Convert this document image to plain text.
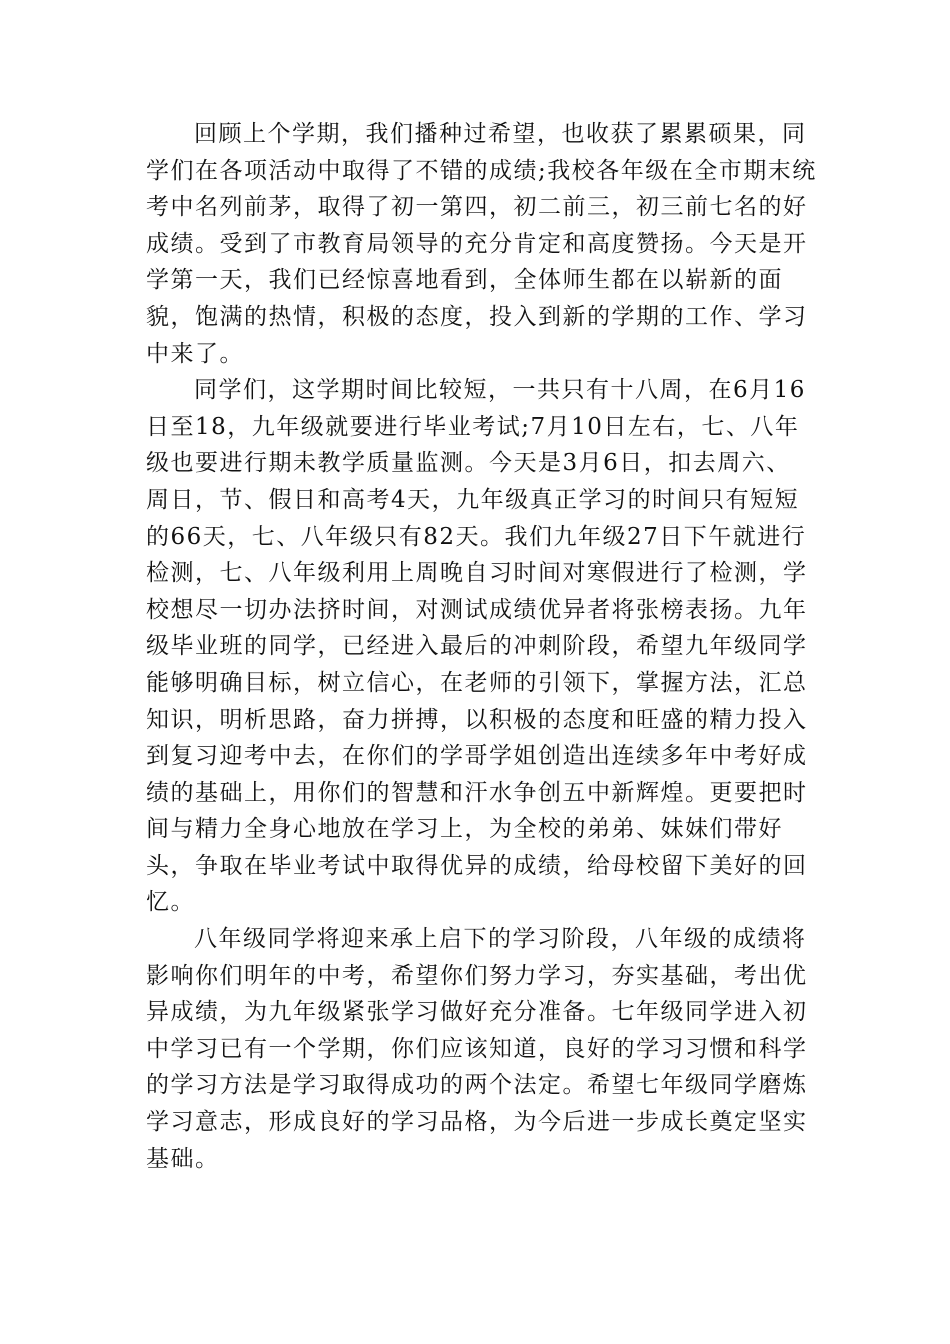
回顾上个学期，我们播种过希望，也收获了累累硕果，同
学们在各项活动中取得了不错的成绩;我校各年级在全市期末统
考中名列前茅，取得了初一第四，初二前三，初三前七名的好
成绩。受到了市教育局领导的充分肯定和高度赞扬。今天是开
学第一天，我们已经惊喜地看到，全体师生都在以崭新的面
貌，饱满的热情，积极的态度，投入到新的学期的工作、学习
中来了。

同学们，这学期时间比较短，一共只有十八周，在6月16
日至18，九年级就要进行毕业考试;7月10日左右，七、八年
级也要进行期未教学质量监测。今天是3月6日，扣去周六、
周日，节、假日和高考4天，九年级真正学习的时间只有短短
的66天，七、八年级只有82天。我们九年级27日下午就进行
检测，七、八年级利用上周晚自习时间对寒假进行了检测，学
校想尽一切办法挤时间，对测试成绩优异者将张榜表扬。九年
级毕业班的同学，已经进入最后的冲刺阶段，希望九年级同学
能够明确目标，树立信心，在老师的引领下，掌握方法，汇总
知识，明析思路，奋力拼搏，以积极的态度和旺盛的精力投入
到复习迎考中去，在你们的学哥学姐创造出连续多年中考好成
绩的基础上，用你们的智慧和汗水争创五中新辉煌。更要把时
间与精力全身心地放在学习上，为全校的弟弟、妹妹们带好
头，争取在毕业考试中取得优异的成绩，给母校留下美好的回
忆。

八年级同学将迎来承上启下的学习阶段，八年级的成绩将
影响你们明年的中考，希望你们努力学习，夯实基础，考出优
异成绩，为九年级紧张学习做好充分准备。七年级同学进入初
中学习已有一个学期，你们应该知道，良好的学习习惯和科学
的学习方法是学习取得成功的两个法定。希望七年级同学磨炼
学习意志，形成良好的学习品格，为今后进一步成长奠定坚实
基础。
